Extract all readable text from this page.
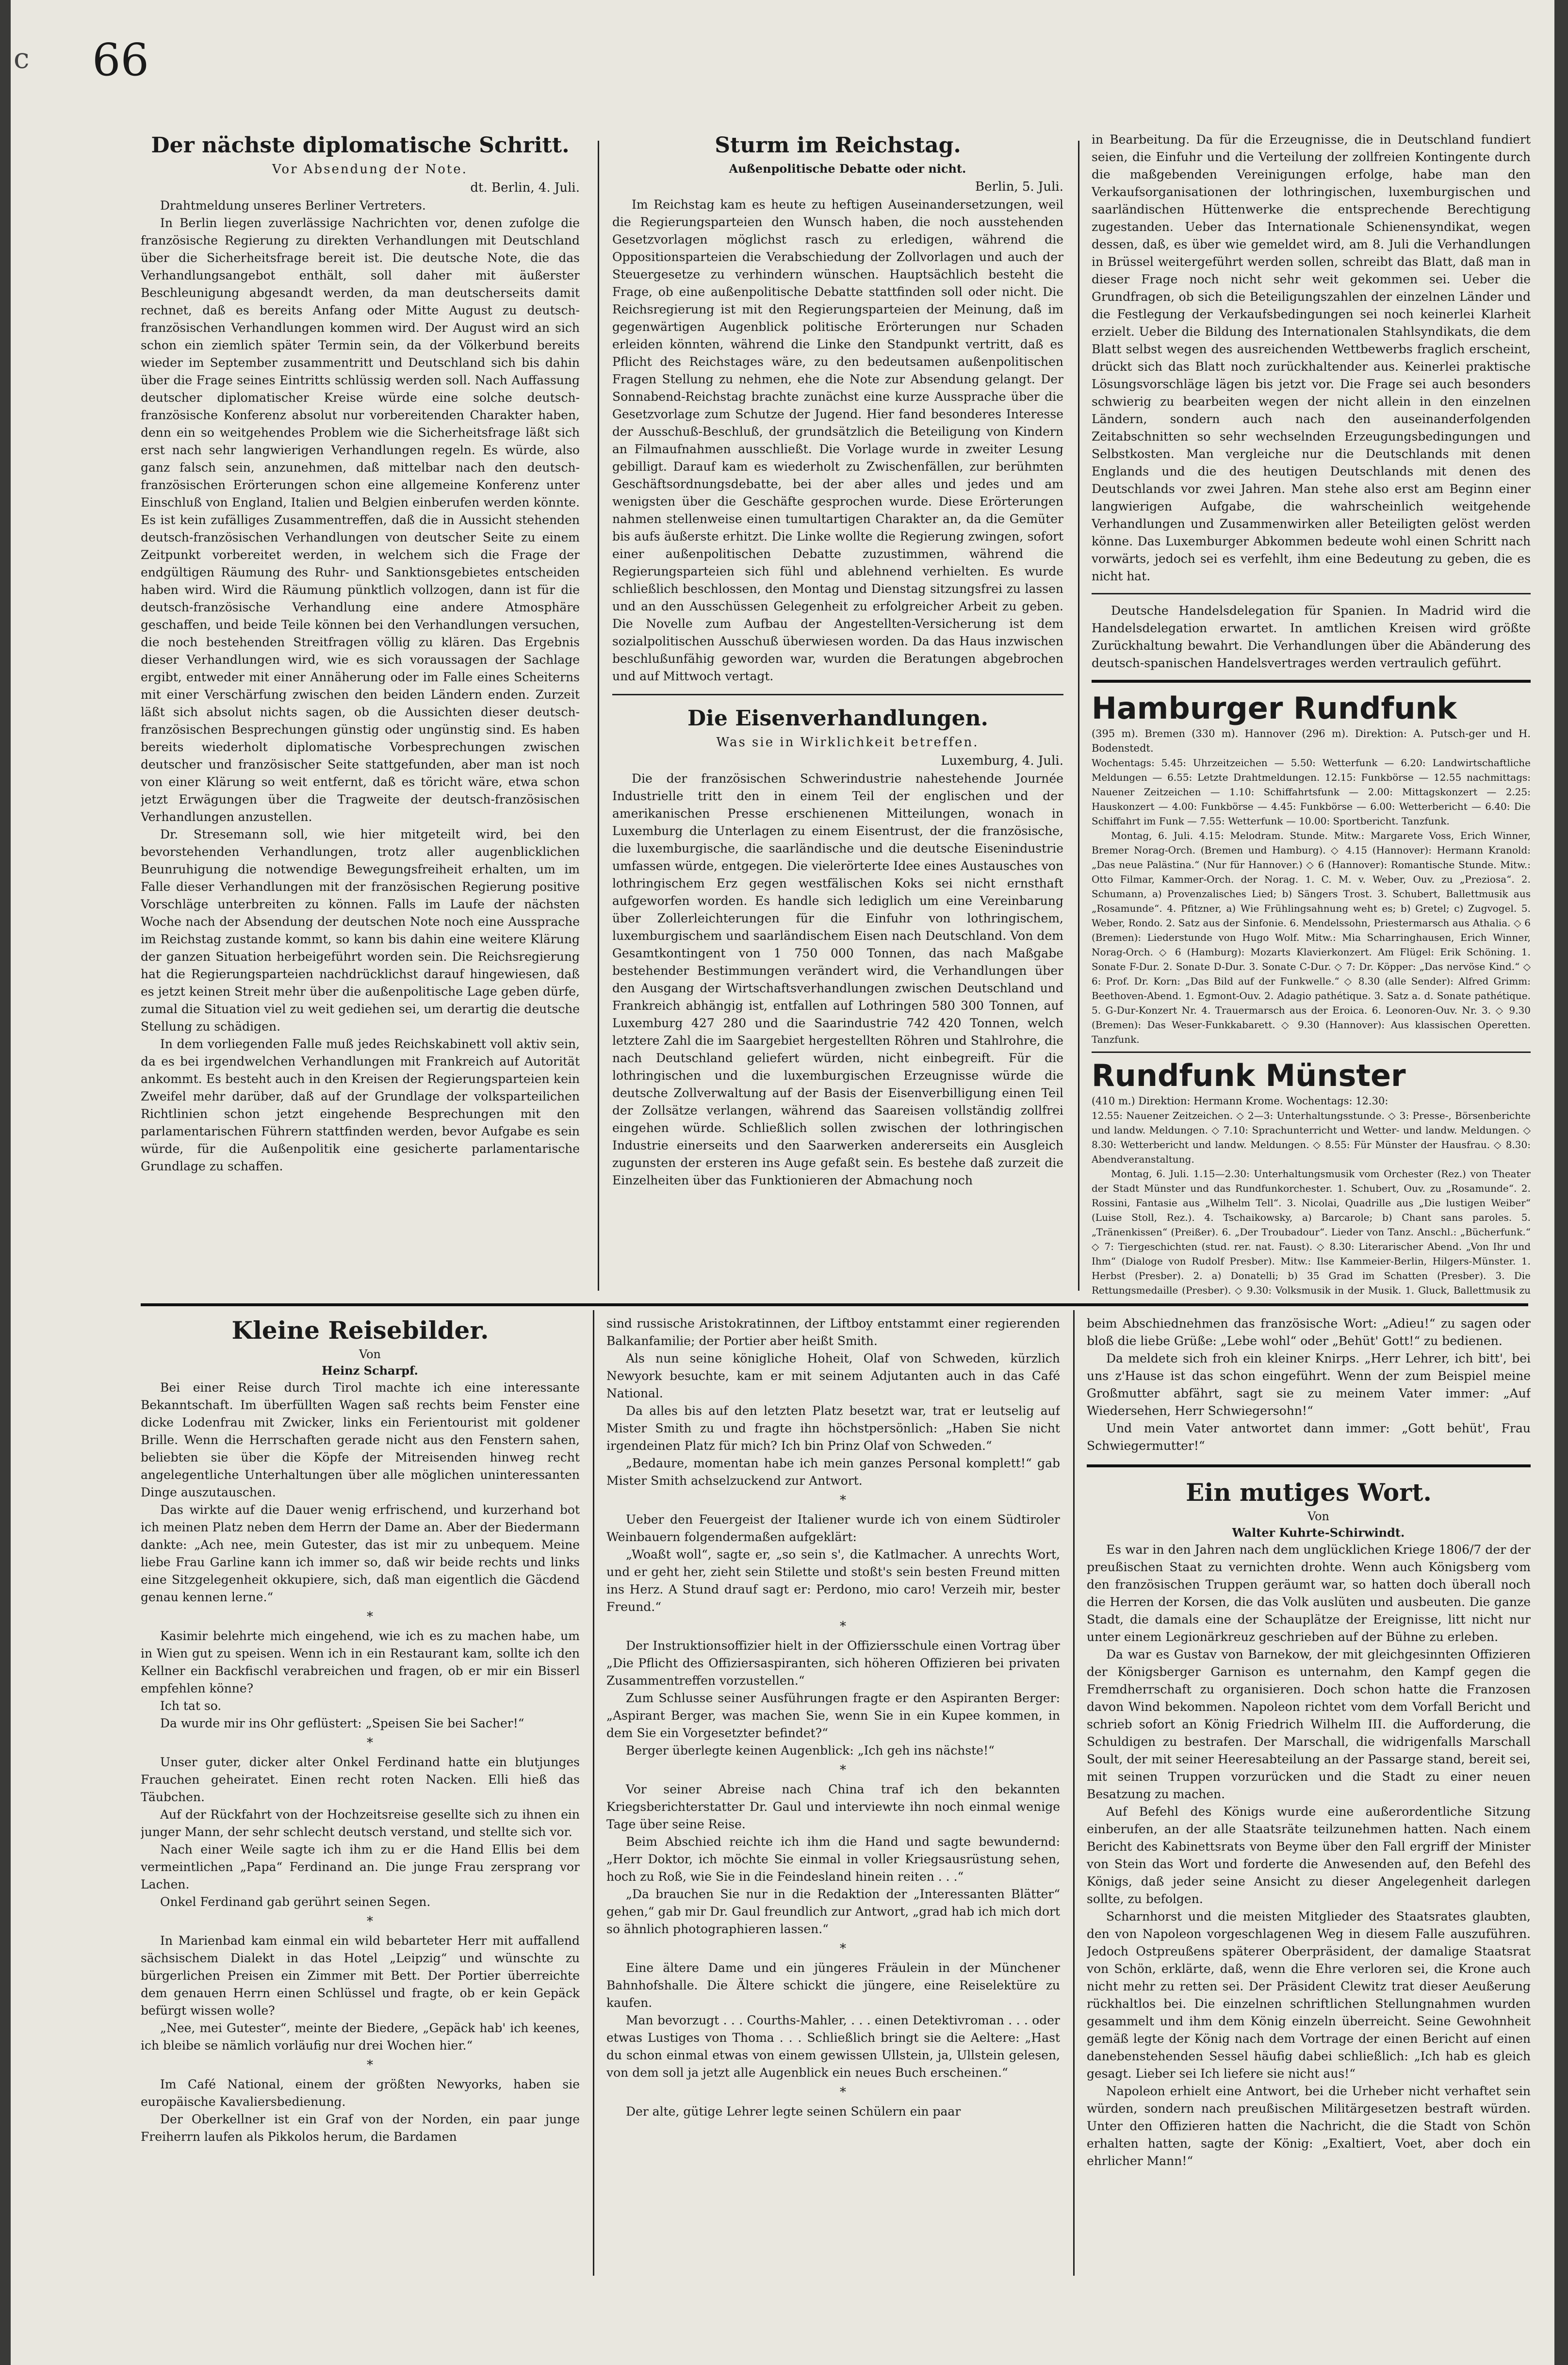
c 66
Der nächste diplomatische Schritt.

Vor Absendung der Note.

dt. Berlin, 4. Juli.

Drahtmeldung unseres Berliner Vertreters.

In Berlin liegen zuverlässige Nachrichten vor, denen zufolge die französische Regierung zu direkten Verhandlungen mit Deutschland über die Sicherheitsfrage bereit ist. Die deutsche Note, die das Verhandlungsangebot enthält, soll daher mit äußerster Beschleunigung abgesandt werden, da man deutscherseits damit rechnet, daß es bereits Anfang oder Mitte August zu deutsch-französischen Verhandlungen kommen wird. Der August wird an sich schon ein ziemlich später Termin sein, da der Völkerbund bereits wieder im September zusammentritt und Deutschland sich bis dahin über die Frage seines Eintritts schlüssig werden soll. Nach Auffassung deutscher diplomatischer Kreise würde eine solche deutsch-französische Konferenz absolut nur vorbereitenden Charakter haben, denn ein so weitgehendes Problem wie die Sicherheitsfrage läßt sich erst nach sehr langwierigen Verhandlungen regeln. Es würde, also ganz falsch sein, anzunehmen, daß mittelbar nach den deutsch-französischen Erörterungen schon eine allgemeine Konferenz unter Einschluß von England, Italien und Belgien einberufen werden könnte. Es ist kein zufälliges Zusammentreffen, daß die in Aussicht stehenden deutsch-französischen Verhandlungen von deutscher Seite zu einem Zeitpunkt vorbereitet werden, in welchem sich die Frage der endgültigen Räumung des Ruhr- und Sanktionsgebietes entscheiden haben wird. Wird die Räumung pünktlich vollzogen, dann ist für die deutsch-französische Verhandlung eine andere Atmosphäre geschaffen, und beide Teile können bei den Verhandlungen versuchen, die noch bestehenden Streitfragen völlig zu klären. Das Ergebnis dieser Verhandlungen wird, wie es sich voraussagen der Sachlage ergibt, entweder mit einer Annäherung oder im Falle eines Scheiterns mit einer Verschärfung zwischen den beiden Ländern enden. Zurzeit läßt sich absolut nichts sagen, ob die Aussichten dieser deutsch-französischen Besprechungen günstig oder ungünstig sind. Es haben bereits wiederholt diplomatische Vorbesprechungen zwischen deutscher und französischer Seite stattgefunden, aber man ist noch von einer Klärung so weit entfernt, daß es töricht wäre, etwa schon jetzt Erwägungen über die Tragweite der deutsch-französischen Verhandlungen anzustellen.

Dr. Stresemann soll, wie hier mitgeteilt wird, bei den bevorstehenden Verhandlungen, trotz aller augenblicklichen Beunruhigung die notwendige Bewegungsfreiheit erhalten, um im Falle dieser Verhandlungen mit der französischen Regierung positive Vorschläge unterbreiten zu können. Falls im Laufe der nächsten Woche nach der Absendung der deutschen Note noch eine Aussprache im Reichstag zustande kommt, so kann bis dahin eine weitere Klärung der ganzen Situation herbeigeführt worden sein. Die Reichsregierung hat die Regierungsparteien nachdrücklichst darauf hingewiesen, daß es jetzt keinen Streit mehr über die außenpolitische Lage geben dürfe, zumal die Situation viel zu weit gediehen sei, um derartig die deutsche Stellung zu schädigen.

In dem vorliegenden Falle muß jedes Reichskabinett voll aktiv sein, da es bei irgendwelchen Verhandlungen mit Frankreich auf Autorität ankommt. Es besteht auch in den Kreisen der Regierungsparteien kein Zweifel mehr darüber, daß auf der Grundlage der volksparteilichen Richtlinien schon jetzt eingehende Besprechungen mit den parlamentarischen Führern stattfinden werden, bevor Aufgabe es sein würde, für die Außenpolitik eine gesicherte parlamentarische Grundlage zu schaffen.

Sturm im Reichstag.

Außenpolitische Debatte oder nicht.

Berlin, 5. Juli.

Im Reichstag kam es heute zu heftigen Auseinandersetzungen, weil die Regierungsparteien den Wunsch haben, die noch ausstehenden Gesetzvorlagen möglichst rasch zu erledigen, während die Oppositionsparteien die Verabschiedung der Zollvorlagen und auch der Steuergesetze zu verhindern wünschen. Hauptsächlich besteht die Frage, ob eine außenpolitische Debatte stattfinden soll oder nicht. Die Reichsregierung ist mit den Regierungsparteien der Meinung, daß im gegenwärtigen Augenblick politische Erörterungen nur Schaden erleiden könnten, während die Linke den Standpunkt vertritt, daß es Pflicht des Reichstages wäre, zu den bedeutsamen außenpolitischen Fragen Stellung zu nehmen, ehe die Note zur Absendung gelangt. Der Sonnabend-Reichstag brachte zunächst eine kurze Aussprache über die Gesetzvorlage zum Schutze der Jugend. Hier fand besonderes Interesse der Ausschuß-Beschluß, der grundsätzlich die Beteiligung von Kindern an Filmaufnahmen ausschließt. Die Vorlage wurde in zweiter Lesung gebilligt. Darauf kam es wiederholt zu Zwischenfällen, zur berühmten Geschäftsordnungsdebatte, bei der aber alles und jedes und am wenigsten über die Geschäfte gesprochen wurde. Diese Erörterungen nahmen stellenweise einen tumultartigen Charakter an, da die Gemüter bis aufs äußerste erhitzt. Die Linke wollte die Regierung zwingen, sofort einer außenpolitischen Debatte zuzustimmen, während die Regierungsparteien sich fühl und ablehnend verhielten. Es wurde schließlich beschlossen, den Montag und Dienstag sitzungsfrei zu lassen und an den Ausschüssen Gelegenheit zu erfolgreicher Arbeit zu geben. Die Novelle zum Aufbau der Angestellten-Versicherung ist dem sozialpolitischen Ausschuß überwiesen worden. Da das Haus inzwischen beschlußunfähig geworden war, wurden die Beratungen abgebrochen und auf Mittwoch vertagt.

Die Eisenverhandlungen.

Was sie in Wirklichkeit betreffen.

Luxemburg, 4. Juli.

Die der französischen Schwerindustrie nahestehende Journée Industrielle tritt den in einem Teil der englischen und der amerikanischen Presse erschienenen Mitteilungen, wonach in Luxemburg die Unterlagen zu einem Eisentrust, der die französische, die luxemburgische, die saarländische und die deutsche Eisenindustrie umfassen würde, entgegen. Die vielerörterte Idee eines Austausches von lothringischem Erz gegen westfälischen Koks sei nicht ernsthaft aufgeworfen worden. Es handle sich lediglich um eine Vereinbarung über Zollerleichterungen für die Einfuhr von lothringischem, luxemburgischem und saarländischem Eisen nach Deutschland. Von dem Gesamtkontingent von 1 750 000 Tonnen, das nach Maßgabe bestehender Bestimmungen verändert wird, die Verhandlungen über den Ausgang der Wirtschaftsverhandlungen zwischen Deutschland und Frankreich abhängig ist, entfallen auf Lothringen 580 300 Tonnen, auf Luxemburg 427 280 und die Saarindustrie 742 420 Tonnen, welch letztere Zahl die im Saargebiet hergestellten Röhren und Stahlrohre, die nach Deutschland geliefert würden, nicht einbegreift. Für die lothringischen und die luxemburgischen Erzeugnisse würde die deutsche Zollverwaltung auf der Basis der Eisenverbilligung einen Teil der Zollsätze verlangen, während das Saareisen vollständig zollfrei eingehen würde. Schließlich sollen zwischen der lothringischen Industrie einerseits und den Saarwerken andererseits ein Ausgleich zugunsten der ersteren ins Auge gefaßt sein. Es bestehe daß zurzeit die Einzelheiten über das Funktionieren der Abmachung noch

in Bearbeitung. Da für die Erzeugnisse, die in Deutschland fundiert seien, die Einfuhr und die Verteilung der zollfreien Kontingente durch die maßgebenden Vereinigungen erfolge, habe man den Verkaufsorganisationen der lothringischen, luxemburgischen und saarländischen Hüttenwerke die entsprechende Berechtigung zugestanden. Ueber das Internationale Schienensyndikat, wegen dessen, daß, es über wie gemeldet wird, am 8. Juli die Verhandlungen in Brüssel weitergeführt werden sollen, schreibt das Blatt, daß man in dieser Frage noch nicht sehr weit gekommen sei. Ueber die Grundfragen, ob sich die Beteiligungszahlen der einzelnen Länder und die Festlegung der Verkaufsbedingungen sei noch keinerlei Klarheit erzielt. Ueber die Bildung des Internationalen Stahlsyndikats, die dem Blatt selbst wegen des ausreichenden Wettbewerbs fraglich erscheint, drückt sich das Blatt noch zurückhaltender aus. Keinerlei praktische Lösungsvorschläge lägen bis jetzt vor. Die Frage sei auch besonders schwierig zu bearbeiten wegen der nicht allein in den einzelnen Ländern, sondern auch nach den auseinanderfolgenden Zeitabschnitten so sehr wechselnden Erzeugungsbedingungen und Selbstkosten. Man vergleiche nur die Deutschlands mit denen Englands und die des heutigen Deutschlands mit denen des Deutschlands vor zwei Jahren. Man stehe also erst am Beginn einer langwierigen Aufgabe, die wahrscheinlich weitgehende Verhandlungen und Zusammenwirken aller Beteiligten gelöst werden könne. Das Luxemburger Abkommen bedeute wohl einen Schritt nach vorwärts, jedoch sei es verfehlt, ihm eine Bedeutung zu geben, die es nicht hat.

Deutsche Handelsdelegation für Spanien. In Madrid wird die Handelsdelegation erwartet. In amtlichen Kreisen wird größte Zurückhaltung bewahrt. Die Verhandlungen über die Abänderung des deutsch-spanischen Handelsvertrages werden vertraulich geführt.

Hamburger Rundfunk

(395 m). Bremen (330 m). Hannover (296 m). Direktion: A. Putsch-ger und H. Bodenstedt.

Wochentags: 5.45: Uhrzeitzeichen — 5.50: Wetterfunk — 6.20: Landwirtschaftliche Meldungen — 6.55: Letzte Drahtmeldungen. 12.15: Funkbörse — 12.55 nachmittags: Nauener Zeitzeichen — 1.10: Schiffahrtsfunk — 2.00: Mittagskonzert — 2.25: Hauskonzert — 4.00: Funkbörse — 4.45: Funkbörse — 6.00: Wetterbericht — 6.40: Die Schiffahrt im Funk — 7.55: Wetterfunk — 10.00: Sportbericht. Tanzfunk.

Montag, 6. Juli. 4.15: Melodram. Stunde. Mitw.: Margarete Voss, Erich Winner, Bremer Norag-Orch. (Bremen und Hamburg). ◇ 4.15 (Hannover): Hermann Kranold: „Das neue Palästina.“ (Nur für Hannover.) ◇ 6 (Hannover): Romantische Stunde. Mitw.: Otto Filmar, Kammer-Orch. der Norag. 1. C. M. v. Weber, Ouv. zu „Preziosa“. 2. Schumann, a) Provenzalisches Lied; b) Sängers Trost. 3. Schubert, Ballettmusik aus „Rosamunde“. 4. Pfitzner, a) Wie Frühlingsahnung weht es; b) Gretel; c) Zugvogel. 5. Weber, Rondo. 2. Satz aus der Sinfonie. 6. Mendelssohn, Priestermarsch aus Athalia. ◇ 6 (Bremen): Liederstunde von Hugo Wolf. Mitw.: Mia Scharringhausen, Erich Winner, Norag-Orch. ◇ 6 (Hamburg): Mozarts Klavierkonzert. Am Flügel: Erik Schöning. 1. Sonate F-Dur. 2. Sonate D-Dur. 3. Sonate C-Dur. ◇ 7: Dr. Köpper: „Das nervöse Kind.“ ◇ 6: Prof. Dr. Korn: „Das Bild auf der Funkwelle.“ ◇ 8.30 (alle Sender): Alfred Grimm: Beethoven-Abend. 1. Egmont-Ouv. 2. Adagio pathétique. 3. Satz a. d. Sonate pathétique. 5. G-Dur-Konzert Nr. 4. Trauermarsch aus der Eroica. 6. Leonoren-Ouv. Nr. 3. ◇ 9.30 (Bremen): Das Weser-Funkkabarett. ◇ 9.30 (Hannover): Aus klassischen Operetten. Tanzfunk.

Rundfunk Münster

(410 m.) Direktion: Hermann Krome. Wochentags: 12.30:

12.55: Nauener Zeitzeichen. ◇ 2—3: Unterhaltungsstunde. ◇ 3: Presse-, Börsenberichte und landw. Meldungen. ◇ 7.10: Sprachunterricht und Wetter- und landw. Meldungen. ◇ 8.30: Wetterbericht und landw. Meldungen. ◇ 8.55: Für Münster der Hausfrau. ◇ 8.30: Abendveranstaltung.

Montag, 6. Juli. 1.15—2.30: Unterhaltungsmusik vom Orchester (Rez.) von Theater der Stadt Münster und das Rundfunkorchester. 1. Schubert, Ouv. zu „Rosamunde“. 2. Rossini, Fantasie aus „Wilhelm Tell“. 3. Nicolai, Quadrille aus „Die lustigen Weiber“ (Luise Stoll, Rez.). 4. Tschaikowsky, a) Barcarole; b) Chant sans paroles. 5. „Tränenkissen“ (Preißer). 6. „Der Troubadour“. Lieder von Tanz. Anschl.: „Bücherfunk.“ ◇ 7: Tiergeschichten (stud. rer. nat. Faust). ◇ 8.30: Literarischer Abend. „Von Ihr und Ihm“ (Dialoge von Rudolf Presber). Mitw.: Ilse Kammeier-Berlin, Hilgers-Münster. 1. Herbst (Presber). 2. a) Donatelli; b) 35 Grad im Schatten (Presber). 3. Die Rettungsmedaille (Presber). ◇ 9.30: Volksmusik in der Musik. 1. Gluck, Ballettmusik zu

Kleine Reisebilder.

Von

Heinz Scharpf.

Bei einer Reise durch Tirol machte ich eine interessante Bekanntschaft. Im überfüllten Wagen saß rechts beim Fenster eine dicke Lodenfrau mit Zwicker, links ein Ferientourist mit goldener Brille. Wenn die Herrschaften gerade nicht aus den Fenstern sahen, beliebten sie über die Köpfe der Mitreisenden hinweg recht angelegentliche Unterhaltungen über alle möglichen uninteressanten Dinge auszutauschen.

Das wirkte auf die Dauer wenig erfrischend, und kurzerhand bot ich meinen Platz neben dem Herrn der Dame an. Aber der Biedermann dankte: „Ach nee, mein Gutester, das ist mir zu unbequem. Meine liebe Frau Garline kann ich immer so, daß wir beide rechts und links eine Sitzgelegenheit okkupiere, sich, daß man eigentlich die Gäcdend genau kennen lerne.“

*

Kasimir belehrte mich eingehend, wie ich es zu machen habe, um in Wien gut zu speisen. Wenn ich in ein Restaurant kam, sollte ich den Kellner ein Backfischl verabreichen und fragen, ob er mir ein Bisserl empfehlen könne?

Ich tat so.

Da wurde mir ins Ohr geflüstert: „Speisen Sie bei Sacher!“

*

Unser guter, dicker alter Onkel Ferdinand hatte ein blutjunges Frauchen geheiratet. Einen recht roten Nacken. Elli hieß das Täubchen.

Auf der Rückfahrt von der Hochzeitsreise gesellte sich zu ihnen ein junger Mann, der sehr schlecht deutsch verstand, und stellte sich vor.

Nach einer Weile sagte ich ihm zu er die Hand Ellis bei dem vermeintlichen „Papa“ Ferdinand an. Die junge Frau zersprang vor Lachen.

Onkel Ferdinand gab gerührt seinen Segen.

*

In Marienbad kam einmal ein wild bebarteter Herr mit auffallend sächsischem Dialekt in das Hotel „Leipzig“ und wünschte zu bürgerlichen Preisen ein Zimmer mit Bett. Der Portier überreichte dem genauen Herrn einen Schlüssel und fragte, ob er kein Gepäck befürgt wissen wolle?

„Nee, mei Gutester“, meinte der Biedere, „Gepäck hab' ich keenes, ich bleibe se nämlich vorläufig nur drei Wochen hier.“

*

Im Café National, einem der größten Newyorks, haben sie europäische Kavaliersbedienung.

Der Oberkellner ist ein Graf von der Norden, ein paar junge Freiherrn laufen als Pikkolos herum, die Bardamen

sind russische Aristokratinnen, der Liftboy entstammt einer regierenden Balkanfamilie; der Portier aber heißt Smith.

Als nun seine königliche Hoheit, Olaf von Schweden, kürzlich Newyork besuchte, kam er mit seinem Adjutanten auch in das Café National.

Da alles bis auf den letzten Platz besetzt war, trat er leutselig auf Mister Smith zu und fragte ihn höchstpersönlich: „Haben Sie nicht irgendeinen Platz für mich? Ich bin Prinz Olaf von Schweden.“

„Bedaure, momentan habe ich mein ganzes Personal komplett!“ gab Mister Smith achselzuckend zur Antwort.

*

Ueber den Feuergeist der Italiener wurde ich von einem Südtiroler Weinbauern folgendermaßen aufgeklärt:

„Woaßt woll“, sagte er, „so sein s', die Katlmacher. A unrechts Wort, und er geht her, zieht sein Stilette und stoßt's sein besten Freund mitten ins Herz. A Stund drauf sagt er: Perdono, mio caro! Verzeih mir, bester Freund.“

*

Der Instruktionsoffizier hielt in der Offiziersschule einen Vortrag über „Die Pflicht des Offiziersaspiranten, sich höheren Offizieren bei privaten Zusammentreffen vorzustellen.“

Zum Schlusse seiner Ausführungen fragte er den Aspiranten Berger: „Aspirant Berger, was machen Sie, wenn Sie in ein Kupee kommen, in dem Sie ein Vorgesetzter befindet?“

Berger überlegte keinen Augenblick: „Ich geh ins nächste!“

*

Vor seiner Abreise nach China traf ich den bekannten Kriegsberichterstatter Dr. Gaul und interviewte ihn noch einmal wenige Tage über seine Reise.

Beim Abschied reichte ich ihm die Hand und sagte bewundernd: „Herr Doktor, ich möchte Sie einmal in voller Kriegsausrüstung sehen, hoch zu Roß, wie Sie in die Feindesland hinein reiten . . .“

„Da brauchen Sie nur in die Redaktion der „Interessanten Blätter“ gehen,“ gab mir Dr. Gaul freundlich zur Antwort, „grad hab ich mich dort so ähnlich photographieren lassen.“

*

Eine ältere Dame und ein jüngeres Fräulein in der Münchener Bahnhofshalle. Die Ältere schickt die jüngere, eine Reiselektüre zu kaufen.

Man bevorzugt . . . Courths-Mahler, . . . einen Detektivroman . . . oder etwas Lustiges von Thoma . . . Schließlich bringt sie die Aeltere: „Hast du schon einmal etwas von einem gewissen Ullstein, ja, Ullstein gelesen, von dem soll ja jetzt alle Augenblick ein neues Buch erscheinen.“

*

Der alte, gütige Lehrer legte seinen Schülern ein paar

beim Abschiednehmen das französische Wort: „Adieu!“ zu sagen oder bloß die liebe Grüße: „Lebe wohl“ oder „Behüt' Gott!“ zu bedienen.

Da meldete sich froh ein kleiner Knirps. „Herr Lehrer, ich bitt', bei uns z'Hause ist das schon eingeführt. Wenn der zum Beispiel meine Großmutter abfährt, sagt sie zu meinem Vater immer: „Auf Wiedersehen, Herr Schwiegersohn!“

Und mein Vater antwortet dann immer: „Gott behüt', Frau Schwiegermutter!“

Ein mutiges Wort.

Von

Walter Kuhrte-Schirwindt.

Es war in den Jahren nach dem unglücklichen Kriege 1806/7 der der preußischen Staat zu vernichten drohte. Wenn auch Königsberg vom den französischen Truppen geräumt war, so hatten doch überall noch die Herren der Korsen, die das Volk auslüten und ausbeuten. Die ganze Stadt, die damals eine der Schauplätze der Ereignisse, litt nicht nur unter einem Legionärkreuz geschrieben auf der Bühne zu erleben.

Da war es Gustav von Barnekow, der mit gleichgesinnten Offizieren der Königsberger Garnison es unternahm, den Kampf gegen die Fremdherrschaft zu organisieren. Doch schon hatte die Franzosen davon Wind bekommen. Napoleon richtet vom dem Vorfall Bericht und schrieb sofort an König Friedrich Wilhelm III. die Aufforderung, die Schuldigen zu bestrafen. Der Marschall, die widrigenfalls Marschall Soult, der mit seiner Heeresabteilung an der Passarge stand, bereit sei, mit seinen Truppen vorzurücken und die Stadt zu einer neuen Besatzung zu machen.

Auf Befehl des Königs wurde eine außerordentliche Sitzung einberufen, an der alle Staatsräte teilzunehmen hatten. Nach einem Bericht des Kabinettsrats von Beyme über den Fall ergriff der Minister von Stein das Wort und forderte die Anwesenden auf, den Befehl des Königs, daß jeder seine Ansicht zu dieser Angelegenheit darlegen sollte, zu befolgen.

Scharnhorst und die meisten Mitglieder des Staatsrates glaubten, den von Napoleon vorgeschlagenen Weg in diesem Falle auszuführen. Jedoch Ostpreußens späterer Oberpräsident, der damalige Staatsrat von Schön, erklärte, daß, wenn die Ehre verloren sei, die Krone auch nicht mehr zu retten sei. Der Präsident Clewitz trat dieser Aeußerung rückhaltlos bei. Die einzelnen schriftlichen Stellungnahmen wurden gesammelt und ihm dem König einzeln überreicht. Seine Gewohnheit gemäß legte der König nach dem Vortrage der einen Bericht auf einen danebenstehenden Sessel häufig dabei schließlich: „Ich hab es gleich gesagt. Lieber sei Ich liefere sie nicht aus!“

Napoleon erhielt eine Antwort, bei die Urheber nicht verhaftet sein würden, sondern nach preußischen Militärgesetzen bestraft würden. Unter den Offizieren hatten die Nachricht, die die Stadt von Schön erhalten hatten, sagte der König: „Exaltiert, Voet, aber doch ein ehrlicher Mann!“
